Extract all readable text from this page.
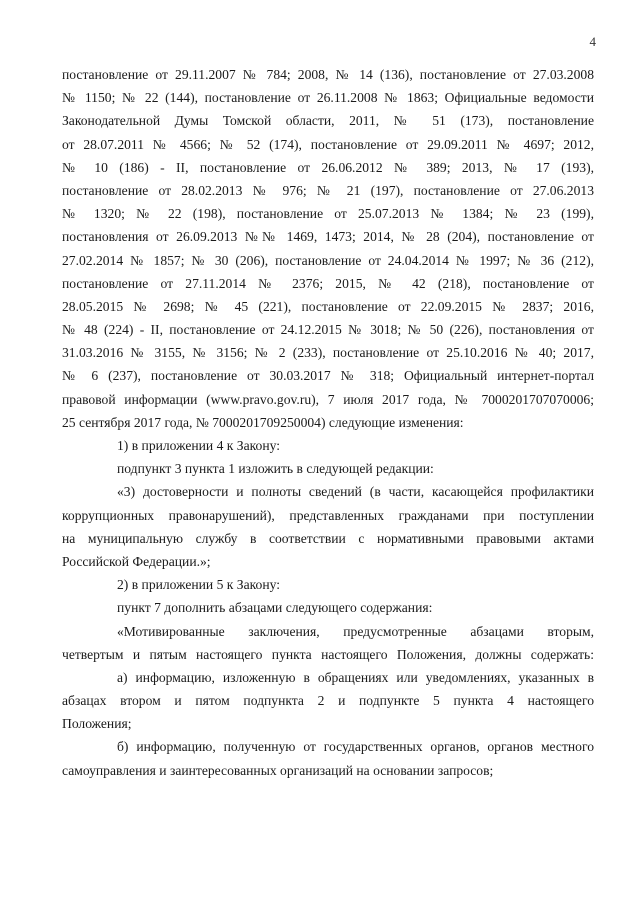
4
постановление от 29.11.2007 № 784; 2008, № 14 (136), постановление от 27.03.2008
№ 1150; № 22 (144), постановление от 26.11.2008 № 1863; Официальные ведомости
Законодательной Думы Томской области, 2011, № 51 (173), постановление
от 28.07.2011 № 4566; № 52 (174), постановление от 29.09.2011 № 4697; 2012,
№ 10 (186) - II, постановление от 26.06.2012 № 389; 2013, № 17 (193),
постановление от 28.02.2013 № 976; № 21 (197), постановление от 27.06.2013
№ 1320; № 22 (198), постановление от 25.07.2013 № 1384; № 23 (199),
постановления от 26.09.2013 №№ 1469, 1473; 2014, № 28 (204), постановление от
27.02.2014 № 1857; № 30 (206), постановление от 24.04.2014 № 1997; № 36 (212),
постановление от 27.11.2014 № 2376; 2015, № 42 (218), постановление от
28.05.2015 № 2698; № 45 (221), постановление от 22.09.2015 № 2837; 2016,
№ 48 (224) - II, постановление от 24.12.2015 № 3018; № 50 (226), постановления от
31.03.2016 № 3155, № 3156; № 2 (233), постановление от 25.10.2016 № 40; 2017,
№ 6 (237), постановление от 30.03.2017 № 318; Официальный интернет-портал
правовой информации (www.pravo.gov.ru), 7 июля 2017 года, № 7000201707070006;
25 сентября 2017 года, № 7000201709250004) следующие изменения:
1) в приложении 4 к Закону:
подпункт 3 пункта 1 изложить в следующей редакции:
«3) достоверности и полноты сведений (в части, касающейся профилактики
коррупционных правонарушений), представленных гражданами при поступлении
на муниципальную службу в соответствии с нормативными правовыми актами
Российской Федерации.»;
2) в приложении 5 к Закону:
пункт 7 дополнить абзацами следующего содержания:
«Мотивированные заключения, предусмотренные абзацами вторым,
четвертым и пятым настоящего пункта настоящего Положения, должны содержать:
а) информацию, изложенную в обращениях или уведомлениях, указанных в
абзацах втором и пятом подпункта 2 и подпункте 5 пункта 4 настоящего
Положения;
б) информацию, полученную от государственных органов, органов местного
самоуправления и заинтересованных организаций на основании запросов;
